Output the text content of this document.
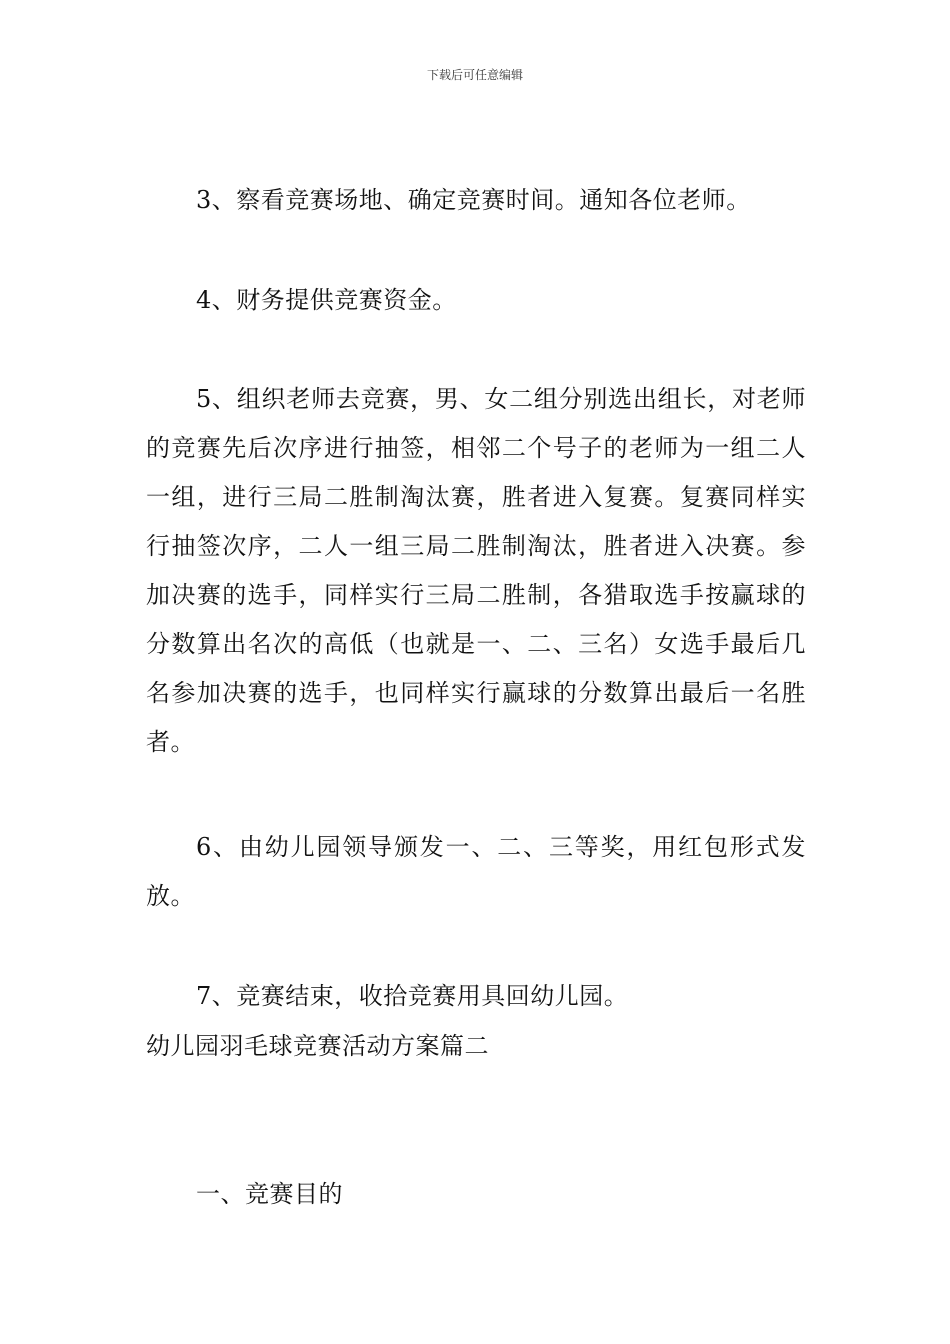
下载后可任意编辑

3、察看竞赛场地、确定竞赛时间。通知各位老师。

4、财务提供竞赛资金。

5、组织老师去竞赛，男、女二组分别选出组长，对老师的竞赛先后次序进行抽签，相邻二个号子的老师为一组二人一组，进行三局二胜制淘汰赛，胜者进入复赛。复赛同样实行抽签次序，二人一组三局二胜制淘汰，胜者进入决赛。参加决赛的选手，同样实行三局二胜制，各猎取选手按赢球的分数算出名次的高低（也就是一、二、三名）女选手最后几名参加决赛的选手，也同样实行赢球的分数算出最后一名胜者。

6、由幼儿园领导颁发一、二、三等奖，用红包形式发放。

7、竞赛结束，收拾竞赛用具回幼儿园。

幼儿园羽毛球竞赛活动方案篇二

一、竞赛目的
